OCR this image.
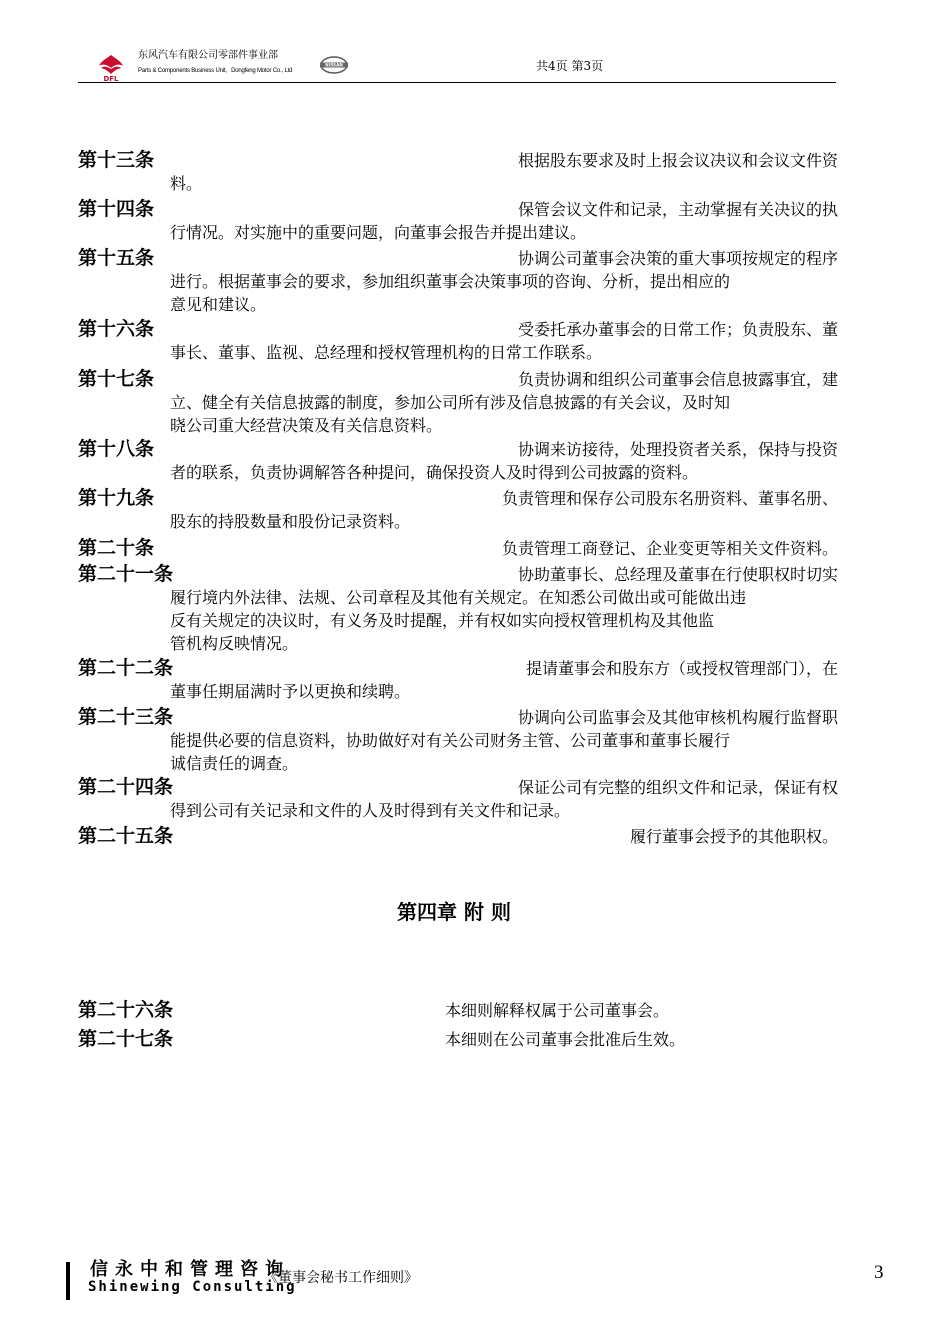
DFL
东风汽车有限公司零部件事业部
Parts & Components Business Unit，Dongfeng Motor Co., Ltd
NISSAN	共4页 第3页
第十三条	根据股东要求及时上报会议决议和会议文件资
料。
第十四条	保管会议文件和记录，主动掌握有关决议的执
行情况。对实施中的重要问题，向董事会报告并提出建议。
第十五条	协调公司董事会决策的重大事项按规定的程序
进行。根据董事会的要求，参加组织董事会决策事项的咨询、分析，提出相应的
意见和建议。
第十六条	受委托承办董事会的日常工作；负责股东、董
事长、董事、监视、总经理和授权管理机构的日常工作联系。
第十七条	负责协调和组织公司董事会信息披露事宜，建
立、健全有关信息披露的制度，参加公司所有涉及信息披露的有关会议，及时知
晓公司重大经营决策及有关信息资料。
第十八条	协调来访接待，处理投资者关系，保持与投资
者的联系，负责协调解答各种提问，确保投资人及时得到公司披露的资料。
第十九条	负责管理和保存公司股东名册资料、董事名册、
股东的持股数量和股份记录资料。
第二十条	负责管理工商登记、企业变更等相关文件资料。
第二十一条	协助董事长、总经理及董事在行使职权时切实
履行境内外法律、法规、公司章程及其他有关规定。在知悉公司做出或可能做出违
反有关规定的决议时，有义务及时提醒，并有权如实向授权管理机构及其他监
管机构反映情况。
第二十二条	提请董事会和股东方（或授权管理部门），在
董事任期届满时予以更换和续聘。
第二十三条	协调向公司监事会及其他审核机构履行监督职
能提供必要的信息资料，协助做好对有关公司财务主管、公司董事和董事长履行
诚信责任的调查。
第二十四条	保证公司有完整的组织文件和记录，保证有权
得到公司有关记录和文件的人及时得到有关文件和记录。
第二十五条	履行董事会授予的其他职权。
第四章 附 则
第二十六条	本细则解释权属于公司董事会。
第二十七条	本细则在公司董事会批准后生效。
信永中和管理咨询
Shinewing Consulting
《董事会秘书工作细则》	3
